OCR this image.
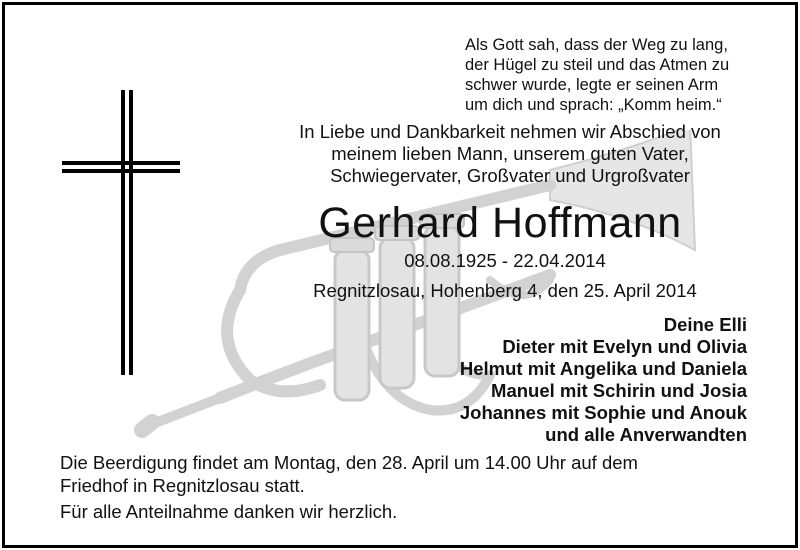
Als Gott sah, dass der Weg zu lang,
der Hügel zu steil und das Atmen zu
schwer wurde, legte er seinen Arm
um dich und sprach: „Komm heim.“
In Liebe und Dankbarkeit nehmen wir Abschied von
meinem lieben Mann, unserem guten Vater,
Schwiegervater, Großvater und Urgroßvater
Gerhard Hoffmann
08.08.1925 - 22.04.2014
Regnitzlosau, Hohenberg 4, den 25. April 2014
Deine Elli
Dieter mit Evelyn und Olivia
Helmut mit Angelika und Daniela
Manuel mit Schirin und Josia
Johannes mit Sophie und Anouk
und alle Anverwandten
Die Beerdigung findet am Montag, den 28. April um 14.00 Uhr auf dem
Friedhof in Regnitzlosau statt.
Für alle Anteilnahme danken wir herzlich.
